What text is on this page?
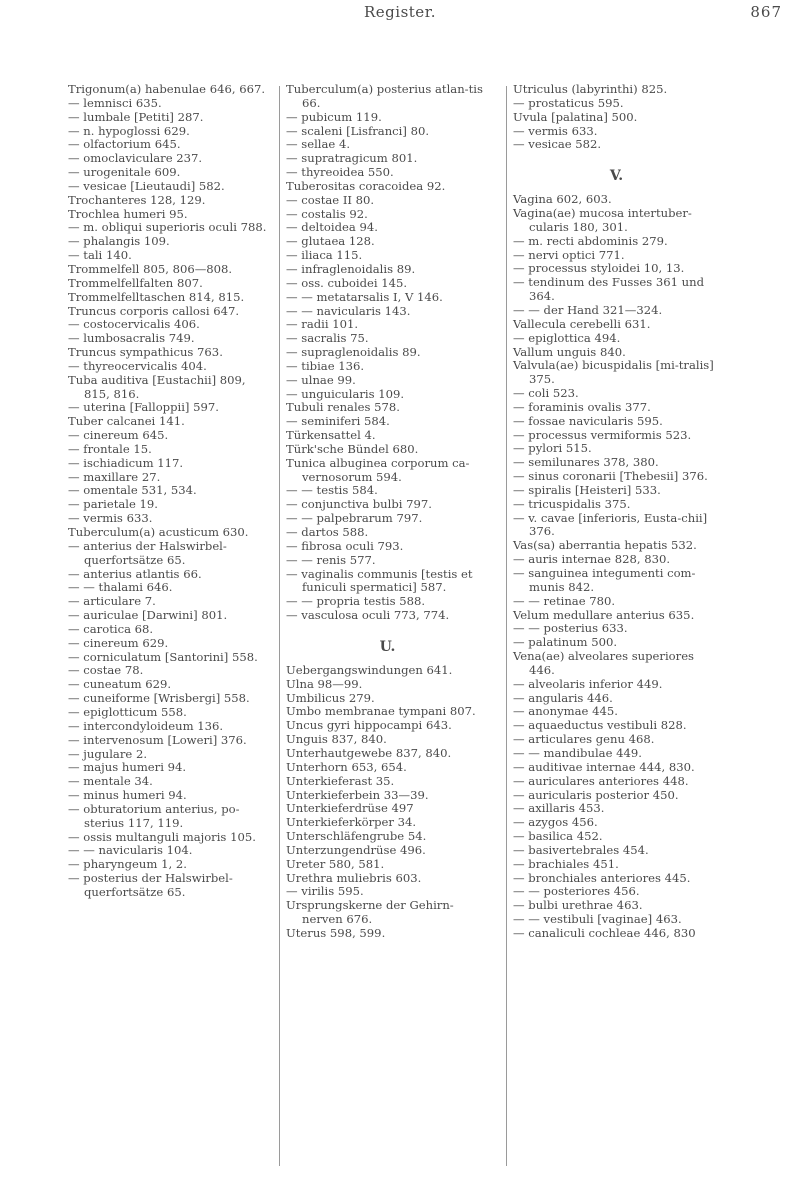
Register.	867
Trigonum(a) habenulae 646, 667.
— lemnisci 635.
— lumbale [Petiti] 287.
— n. hypoglossi 629.
— olfactorium 645.
— omoclaviculare 237.
— urogenitale 609.
— vesicae [Lieutaudi] 582.
Trochanteres 128, 129.
Trochlea humeri 95.
— m. obliqui superioris oculi 788.
— phalangis 109.
— tali 140.
Trommelfell 805, 806—808.
Trommelfellfalten 807.
Trommelfelltaschen 814, 815.
Truncus corporis callosi 647.
— costocervicalis 406.
— lumbosacralis 749.
Truncus sympathicus 763.
— thyreocervicalis 404.
Tuba auditiva [Eustachii] 809, 815, 816.
— uterina [Falloppii] 597.
Tuber calcanei 141.
— cinereum 645.
— frontale 15.
— ischiadicum 117.
— maxillare 27.
— omentale 531, 534.
— parietale 19.
— vermis 633.
Tuberculum(a) acusticum 630.
— anterius der Halswirbel-querfortsätze 65.
— anterius atlantis 66.
— — thalami 646.
— articulare 7.
— auriculae [Darwini] 801.
— carotica 68.
— cinereum 629.
— corniculatum [Santorini] 558.
— costae 78.
— cuneatum 629.
— cuneiforme [Wrisbergi] 558.
— epiglotticum 558.
— intercondyloideum 136.
— intervenosum [Loweri] 376.
— jugulare 2.
— majus humeri 94.
— mentale 34.
— minus humeri 94.
— obturatorium anterius, po-sterius 117, 119.
— ossis multanguli majoris 105.
— — navicularis 104.
— pharyngeum 1, 2.
— posterius der Halswirbel-querfortsätze 65.
Tuberculum(a) posterius atlan-tis 66.
— pubicum 119.
— scaleni [Lisfranci] 80.
— sellae 4.
— supratragicum 801.
— thyreoidea 550.
Tuberositas coracoidea 92.
— costae II 80.
— costalis 92.
— deltoidea 94.
— glutaea 128.
— iliaca 115.
— infraglenoidalis 89.
— oss. cuboidei 145.
— — metatarsalis I, V 146.
— — navicularis 143.
— radii 101.
— sacralis 75.
— supraglenoidalis 89.
— tibiae 136.
— ulnae 99.
— unguicularis 109.
Tubuli renales 578.
— seminiferi 584.
Türkensattel 4.
Türk'sche Bündel 680.
Tunica albuginea corporum ca-vernosorum 594.
— — testis 584.
— conjunctiva bulbi 797.
— — palpebrarum 797.
— dartos 588.
— fibrosa oculi 793.
— — renis 577.
— vaginalis communis [testis et funiculi spermatici] 587.
— — propria testis 588.
— vasculosa oculi 773, 774.
U.
Uebergangswindungen 641.
Ulna 98—99.
Umbilicus 279.
Umbo membranae tympani 807.
Uncus gyri hippocampi 643.
Unguis 837, 840.
Unterhautgewebe 837, 840.
Unterhorn 653, 654.
Unterkieferast 35.
Unterkieferbein 33—39.
Unterkieferdrüse 497
Unterkieferkörper 34.
Unterschläfengrube 54.
Unterzungendrüse 496.
Ureter 580, 581.
Urethra muliebris 603.
— virilis 595.
Ursprungskerne der Gehirn-nerven 676.
Uterus 598, 599.
Utriculus (labyrinthi) 825.
— prostaticus 595.
Uvula [palatina] 500.
— vermis 633.
— vesicae 582.
V.
Vagina 602, 603.
Vagina(ae) mucosa intertuber-cularis 180, 301.
— m. recti abdominis 279.
— nervi optici 771.
— processus styloidei 10, 13.
— tendinum des Fusses 361 und 364.
— — der Hand 321—324.
Vallecula cerebelli 631.
— epiglottica 494.
Vallum unguis 840.
Valvula(ae) bicuspidalis [mi-tralis] 375.
— coli 523.
— foraminis ovalis 377.
— fossae navicularis 595.
— processus vermiformis 523.
— pylori 515.
— semilunares 378, 380.
— sinus coronarii [Thebesii] 376.
— spiralis [Heisteri] 533.
— tricuspidalis 375.
— v. cavae [inferioris, Eusta-chii] 376.
Vas(sa) aberrantia hepatis 532.
— auris internae 828, 830.
— sanguinea integumenti com-munis 842.
— — retinae 780.
Velum medullare anterius 635.
— — posterius 633.
— palatinum 500.
Vena(ae) alveolares superiores 446.
— alveolaris inferior 449.
— angularis 446.
— anonymae 445.
— aquaeductus vestibuli 828.
— articulares genu 468.
— — mandibulae 449.
— auditivae internae 444, 830.
— auriculares anteriores 448.
— auricularis posterior 450.
— axillaris 453.
— azygos 456.
— basilica 452.
— basivertebrales 454.
— brachiales 451.
— bronchiales anteriores 445.
— — posteriores 456.
— bulbi urethrae 463.
— — vestibuli [vaginae] 463.
— canaliculi cochleae 446, 830
